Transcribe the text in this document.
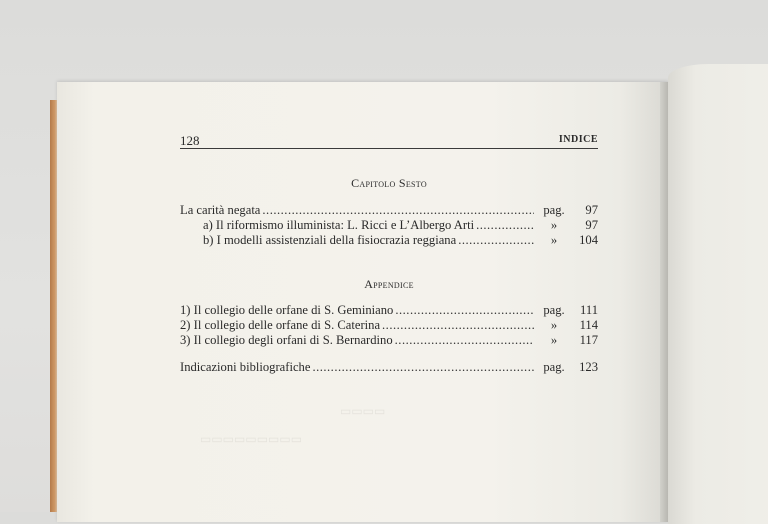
▭▭▭▭
▭▭▭▭▭▭▭▭▭
128	INDICE
Capitolo Sesto
La carità negata .....	pag.	97
a) Il riformismo illuminista: L. Ricci e L’Albergo Arti .....	»	97
b) I modelli assistenziali della fisiocrazia reggiana .....	»	104
Appendice
1) Il collegio delle orfane di S. Geminiano .....	pag.	111
2) Il collegio delle orfane di S. Caterina .....	»	114
3) Il collegio degli orfani di S. Bernardino .....	»	117
Indicazioni bibliografiche .....	pag.	123
